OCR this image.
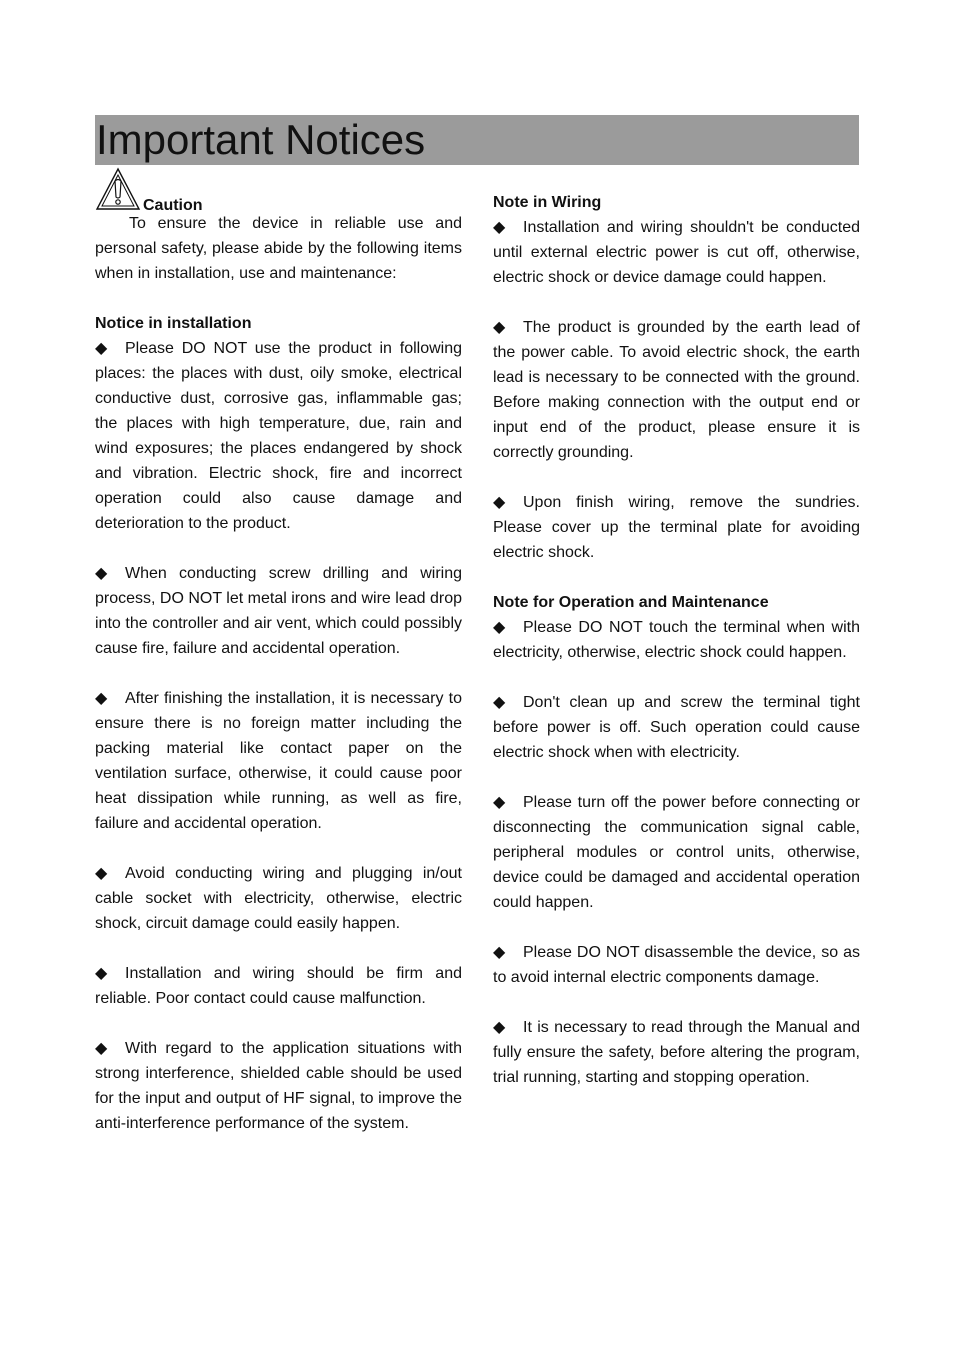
Important Notices
Caution

To ensure the device in reliable use and personal safety, please abide by the following items when in installation, use and maintenance:

Notice in installation

◆ Please DO NOT use the product in following places: the places with dust, oily smoke, electrical conductive dust, corrosive gas, inflammable gas; the places with high temperature, due, rain and wind exposures; the places endangered by shock and vibration. Electric shock, fire and incorrect operation could also cause damage and deterioration to the product.

◆ When conducting screw drilling and wiring process, DO NOT let metal irons and wire lead drop into the controller and air vent, which could possibly cause fire, failure and accidental operation.

◆ After finishing the installation, it is necessary to ensure there is no foreign matter including the packing material like contact paper on the ventilation surface, otherwise, it could cause poor heat dissipation while running, as well as fire, failure and accidental operation.

◆ Avoid conducting wiring and plugging in/out cable socket with electricity, otherwise, electric shock, circuit damage could easily happen.

◆ Installation and wiring should be firm and reliable. Poor contact could cause malfunction.

◆ With regard to the application situations with strong interference, shielded cable should be used for the input and output of HF signal, to improve the anti-interference performance of the system.

Note in Wiring

◆ Installation and wiring shouldn't be conducted until external electric power is cut off, otherwise, electric shock or device damage could happen.

◆ The product is grounded by the earth lead of the power cable. To avoid electric shock, the earth lead is necessary to be connected with the ground. Before making connection with the output end or input end of the product, please ensure it is correctly grounding.

◆ Upon finish wiring, remove the sundries. Please cover up the terminal plate for avoiding electric shock.

Note for Operation and Maintenance

◆ Please DO NOT touch the terminal when with electricity, otherwise, electric shock could happen.

◆ Don't clean up and screw the terminal tight before power is off. Such operation could cause electric shock when with electricity.

◆ Please turn off the power before connecting or disconnecting the communication signal cable, peripheral modules or control units, otherwise, device could be damaged and accidental operation could happen.

◆ Please DO NOT disassemble the device, so as to avoid internal electric components damage.

◆ It is necessary to read through the Manual and fully ensure the safety, before altering the program, trial running, starting and stopping operation.
